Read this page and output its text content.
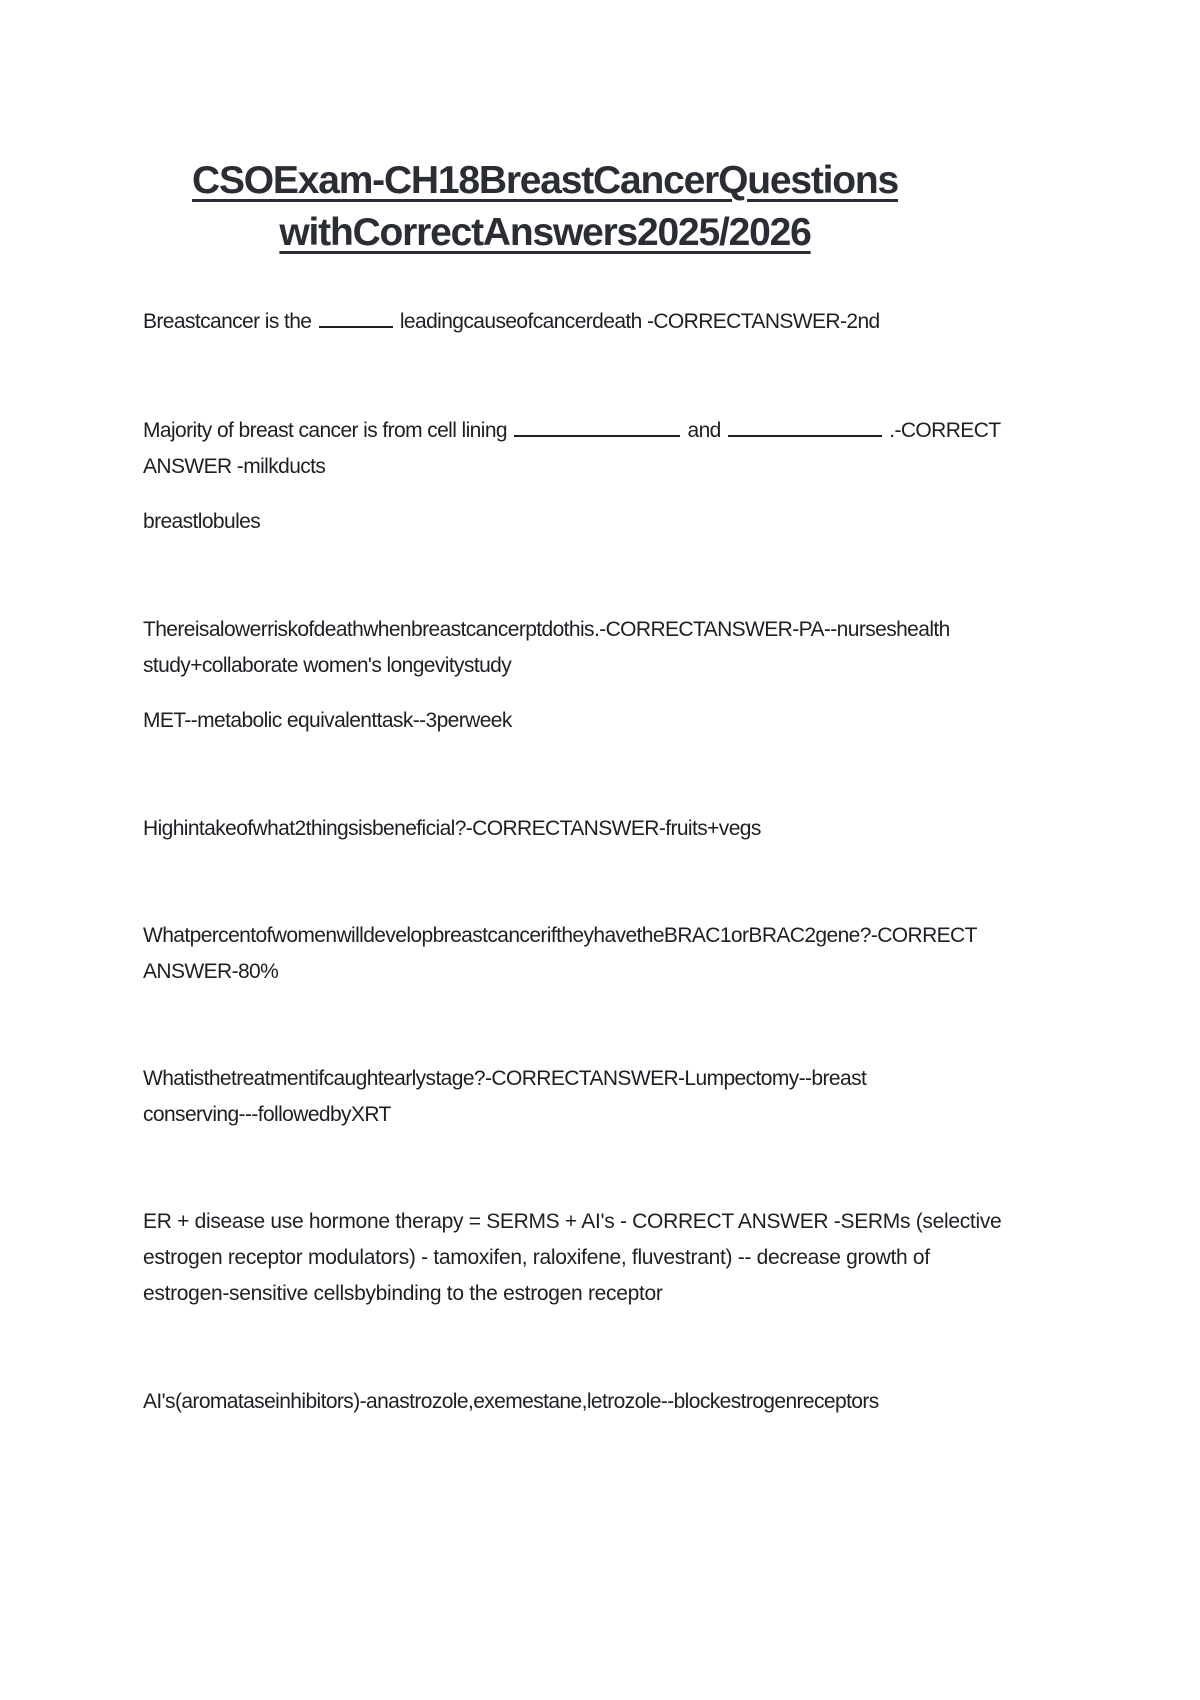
CSOExam-CH18BreastCancerQuestions
withCorrectAnswers2025/2026

Breastcancer is the	leadingcauseofcancerdeath -CORRECTANSWER-2nd

Majority of breast cancer is from cell lining	and	.-CORRECT
ANSWER -milkducts

breastlobules

Thereisalowerriskofdeathwhenbreastcancerptdothis.-CORRECTANSWER-PA--nurseshealth
study+collaborate women's longevitystudy

MET--metabolic equivalenttask--3perweek

Highintakeofwhat2thingsisbeneficial?-CORRECTANSWER-fruits+vegs

WhatpercentofwomenwilldevelopbreastcanceriftheyhavetheBRAC1orBRAC2gene?-CORRECT
ANSWER-80%

Whatisthetreatmentifcaughtearlystage?-CORRECTANSWER-Lumpectomy--breast
conserving---followedbyXRT

ER + disease use hormone therapy = SERMS + AI's - CORRECT ANSWER -SERMs (selective
estrogen receptor modulators) - tamoxifen, raloxifene, fluvestrant) -- decrease growth of
estrogen-sensitive cellsbybinding to the estrogen receptor

AI's(aromataseinhibitors)-anastrozole,exemestane,letrozole--blockestrogenreceptors
